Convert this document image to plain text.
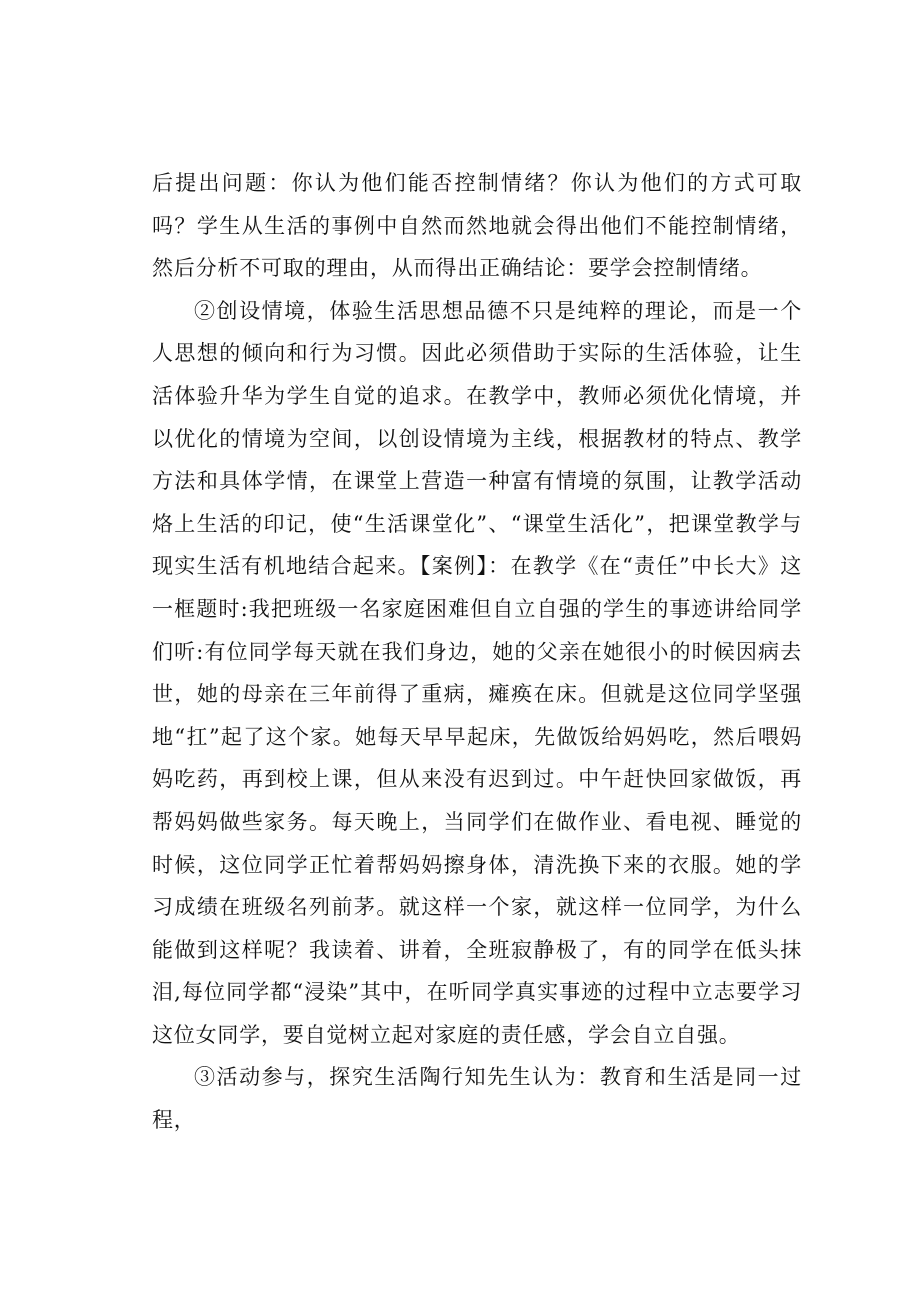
后提出问题：你认为他们能否控制情绪？你认为他们的方式可取吗？学生从生活的事例中自然而然地就会得出他们不能控制情绪，然后分析不可取的理由，从而得出正确结论：要学会控制情绪。

②创设情境，体验生活思想品德不只是纯粹的理论，而是一个人思想的倾向和行为习惯。因此必须借助于实际的生活体验，让生活体验升华为学生自觉的追求。在教学中，教师必须优化情境，并以优化的情境为空间，以创设情境为主线，根据教材的特点、教学方法和具体学情，在课堂上营造一种富有情境的氛围，让教学活动烙上生活的印记，使“生活课堂化”、“课堂生活化”，把课堂教学与现实生活有机地结合起来。【案例】：在教学《在“责任”中长大》这一框题时:我把班级一名家庭困难但自立自强的学生的事迹讲给同学们听:有位同学每天就在我们身边，她的父亲在她很小的时候因病去世，她的母亲在三年前得了重病，瘫痪在床。但就是这位同学坚强地“扛”起了这个家。她每天早早起床，先做饭给妈妈吃，然后喂妈妈吃药，再到校上课，但从来没有迟到过。中午赶快回家做饭，再帮妈妈做些家务。每天晚上，当同学们在做作业、看电视、睡觉的时候，这位同学正忙着帮妈妈擦身体，清洗换下来的衣服。她的学习成绩在班级名列前茅。就这样一个家，就这样一位同学，为什么能做到这样呢？我读着、讲着，全班寂静极了，有的同学在低头抹泪,每位同学都“浸染”其中，在听同学真实事迹的过程中立志要学习这位女同学，要自觉树立起对家庭的责任感，学会自立自强。

③活动参与，探究生活陶行知先生认为：教育和生活是同一过程，
